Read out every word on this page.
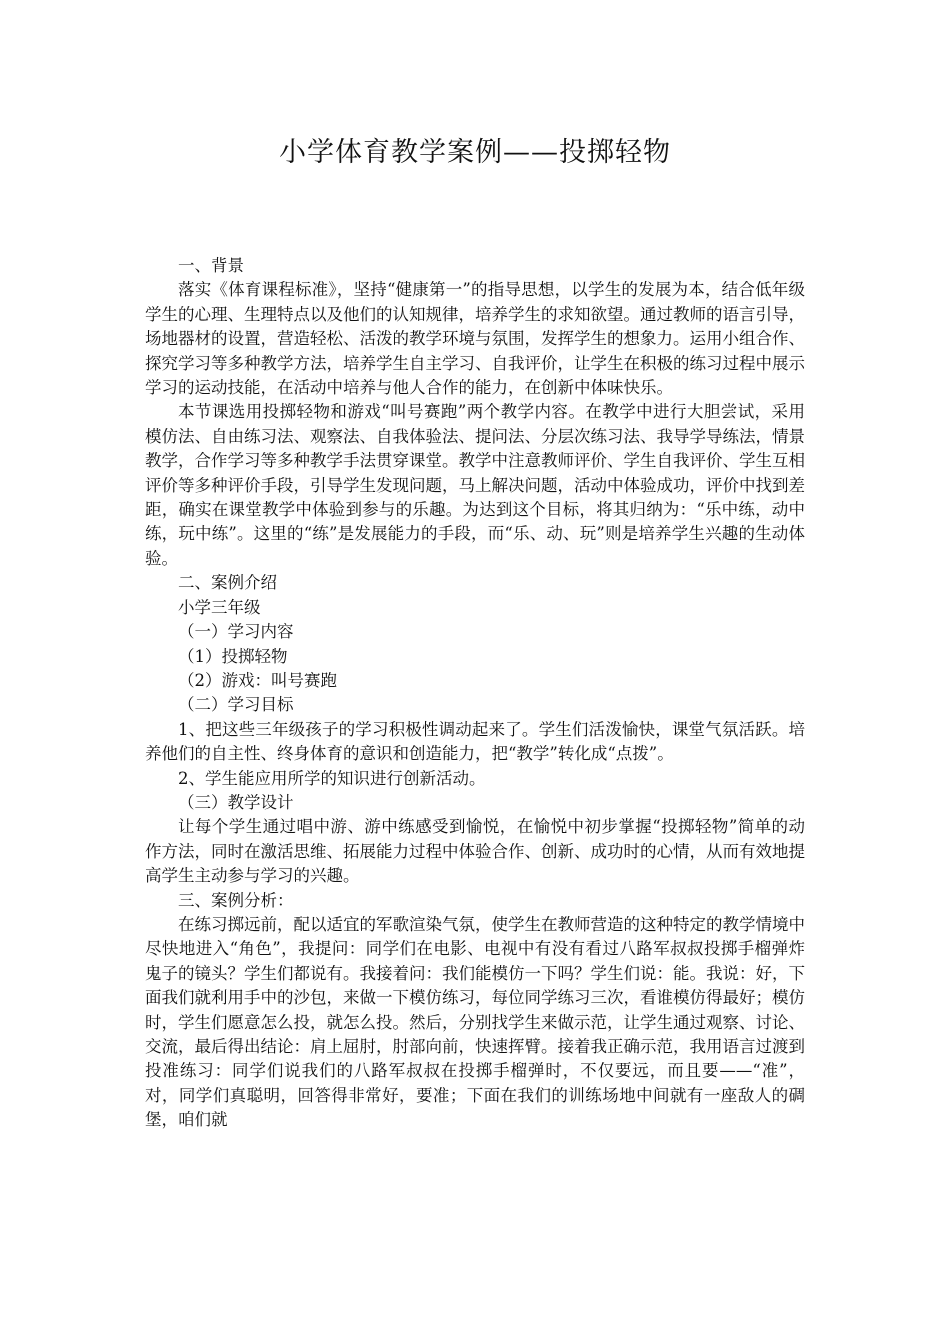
小学体育教学案例——投掷轻物

一、背景

落实《体育课程标准》，坚持“健康第一”的指导思想，以学生的发展为本，结合低年级学生的心理、生理特点以及他们的认知规律，培养学生的求知欲望。通过教师的语言引导，场地器材的设置，营造轻松、活泼的教学环境与氛围，发挥学生的想象力。运用小组合作、探究学习等多种教学方法，培养学生自主学习、自我评价，让学生在积极的练习过程中展示学习的运动技能，在活动中培养与他人合作的能力，在创新中体味快乐。

本节课选用投掷轻物和游戏“叫号赛跑”两个教学内容。在教学中进行大胆尝试，采用模仿法、自由练习法、观察法、自我体验法、提问法、分层次练习法、我导学导练法，情景教学，合作学习等多种教学手法贯穿课堂。教学中注意教师评价、学生自我评价、学生互相评价等多种评价手段，引导学生发现问题，马上解决问题，活动中体验成功，评价中找到差距，确实在课堂教学中体验到参与的乐趣。为达到这个目标，将其归纳为：“乐中练，动中练，玩中练”。这里的“练”是发展能力的手段，而“乐、动、玩”则是培养学生兴趣的生动体验。

二、案例介绍

小学三年级

（一）学习内容

（1）投掷轻物

（2）游戏：叫号赛跑

（二）学习目标

1、把这些三年级孩子的学习积极性调动起来了。学生们活泼愉快，课堂气氛活跃。培养他们的自主性、终身体育的意识和创造能力，把“教学”转化成“点拨”。

2、学生能应用所学的知识进行创新活动。

（三）教学设计

让每个学生通过唱中游、游中练感受到愉悦，在愉悦中初步掌握“投掷轻物”简单的动作方法，同时在激活思维、拓展能力过程中体验合作、创新、成功时的心情，从而有效地提高学生主动参与学习的兴趣。

三、案例分析：

在练习掷远前，配以适宜的军歌渲染气氛，使学生在教师营造的这种特定的教学情境中尽快地进入“角色”，我提问：同学们在电影、电视中有没有看过八路军叔叔投掷手榴弹炸鬼子的镜头？学生们都说有。我接着问：我们能模仿一下吗？学生们说：能。我说：好，下面我们就利用手中的沙包，来做一下模仿练习，每位同学练习三次，看谁模仿得最好；模仿时，学生们愿意怎么投，就怎么投。然后，分别找学生来做示范，让学生通过观察、讨论、交流，最后得出结论：肩上屈肘，肘部向前，快速挥臂。接着我正确示范，我用语言过渡到投准练习：同学们说我们的八路军叔叔在投掷手榴弹时，不仅要远，而且要——“准”，对，同学们真聪明，回答得非常好，要准；下面在我们的训练场地中间就有一座敌人的碉堡，咱们就
